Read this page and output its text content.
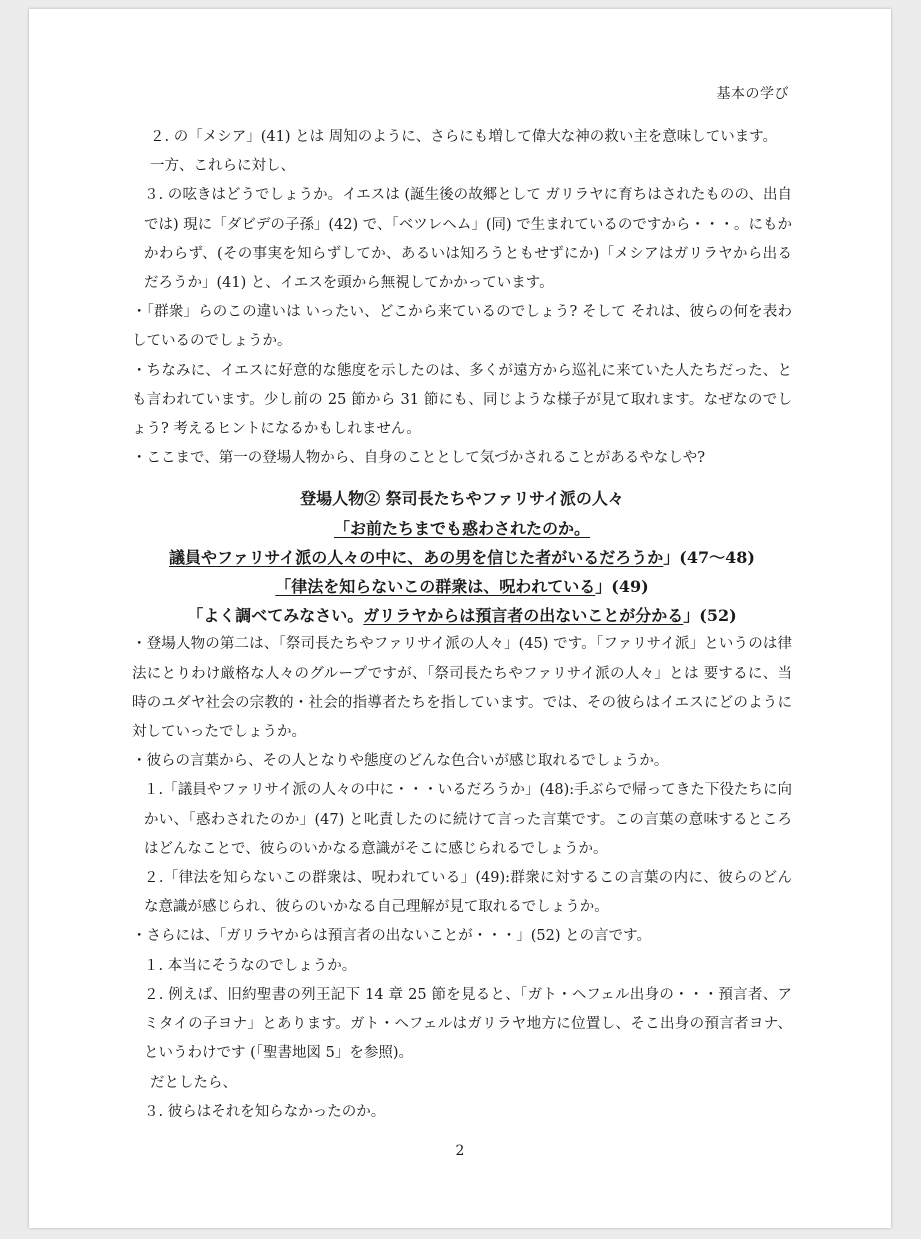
基本の学び

２. の「メシア」(41) とは 周知のように、さらにも増して偉大な神の救い主を意味しています。

一方、これらに対し、

３. の呟きはどうでしょうか。イエスは (誕生後の故郷として ガリラヤに育ちはされたものの、出自では) 現に「ダビデの子孫」(42) で、「ベツレヘム」(同) で生まれているのですから・・・。にもかかわらず、(その事実を知らずしてか、あるいは知ろうともせずにか)「メシアはガリラヤから出るだろうか」(41) と、イエスを頭から無視してかかっています。

・「群衆」らのこの違いは いったい、どこから来ているのでしょう? そして それは、彼らの何を表わしているのでしょうか。

・ちなみに、イエスに好意的な態度を示したのは、多くが遠方から巡礼に来ていた人たちだった、とも言われています。少し前の 25 節から 31 節にも、同じような様子が見て取れます。なぜなのでしょう? 考えるヒントになるかもしれません。

・ここまで、第一の登場人物から、自身のこととして気づかされることがあるやなしや?

登場人物② 祭司長たちやファリサイ派の人々
「お前たちまでも惑わされたのか。
議員やファリサイ派の人々の中に、あの男を信じた者がいるだろうか」(47〜48)
「律法を知らないこの群衆は、呪われている」(49)
「よく調べてみなさい。ガリラヤからは預言者の出ないことが分かる」(52)

・登場人物の第二は、「祭司長たちやファリサイ派の人々」(45) です。「ファリサイ派」というのは律法にとりわけ厳格な人々のグループですが、「祭司長たちやファリサイ派の人々」とは 要するに、当時のユダヤ社会の宗教的・社会的指導者たちを指しています。では、その彼らはイエスにどのように対していったでしょうか。

・彼らの言葉から、その人となりや態度のどんな色合いが感じ取れるでしょうか。

１.「議員やファリサイ派の人々の中に・・・いるだろうか」(48):手ぶらで帰ってきた下役たちに向かい、「惑わされたのか」(47) と叱責したのに続けて言った言葉です。この言葉の意味するところはどんなことで、彼らのいかなる意識がそこに感じられるでしょうか。

２.「律法を知らないこの群衆は、呪われている」(49):群衆に対するこの言葉の内に、彼らのどんな意識が感じられ、彼らのいかなる自己理解が見て取れるでしょうか。

・さらには、「ガリラヤからは預言者の出ないことが・・・」(52) との言です。

１. 本当にそうなのでしょうか。

２. 例えば、旧約聖書の列王記下 14 章 25 節を見ると、「ガト・ヘフェル出身の・・・預言者、アミタイの子ヨナ」とあります。ガト・ヘフェルはガリラヤ地方に位置し、そこ出身の預言者ヨナ、というわけです (「聖書地図 5」を参照)。

だとしたら、

３. 彼らはそれを知らなかったのか。

2
